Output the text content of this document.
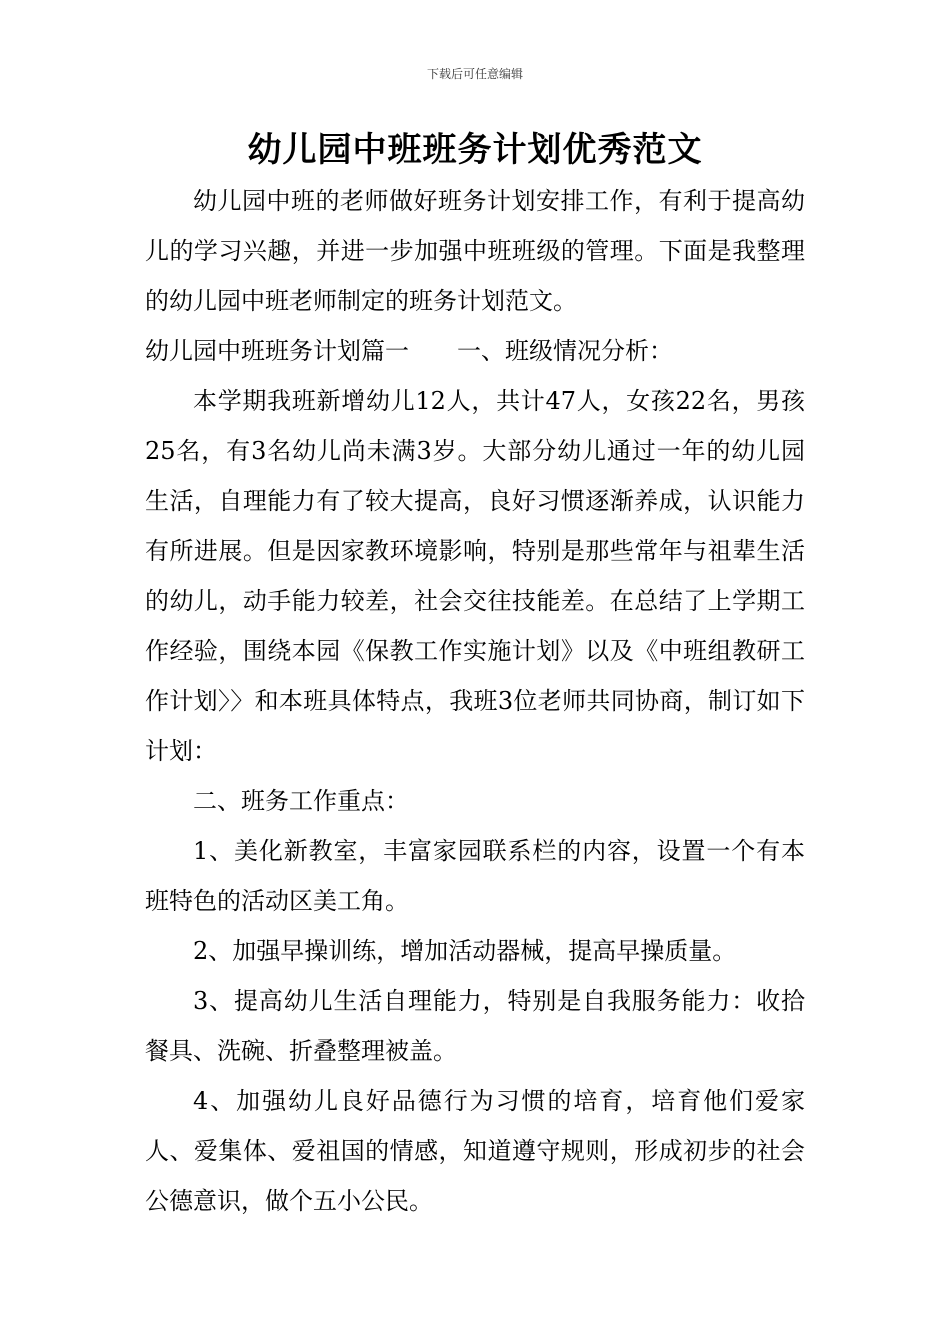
下载后可任意编辑
幼儿园中班班务计划优秀范文

幼儿园中班的老师做好班务计划安排工作，有利于提高幼儿的学习兴趣，并进一步加强中班班级的管理。下面是我整理的幼儿园中班老师制定的班务计划范文。

幼儿园中班班务计划篇一 一、班级情况分析：

本学期我班新增幼儿12人，共计47人，女孩22名，男孩25名，有3名幼儿尚未满3岁。大部分幼儿通过一年的幼儿园生活，自理能力有了较大提高，良好习惯逐渐养成，认识能力有所进展。但是因家教环境影响，特别是那些常年与祖辈生活的幼儿，动手能力较差，社会交往技能差。在总结了上学期工作经验，围绕本园《保教工作实施计划》以及《中班组教研工作计划〉〉和本班具体特点，我班3位老师共同协商，制订如下计划：

二、班务工作重点：

1、美化新教室，丰富家园联系栏的内容，设置一个有本班特色的活动区美工角。

2、加强早操训练，增加活动器械，提高早操质量。

3、提高幼儿生活自理能力，特别是自我服务能力：收拾餐具、洗碗、折叠整理被盖。

4、加强幼儿良好品德行为习惯的培育，培育他们爱家人、爱集体、爱祖国的情感，知道遵守规则，形成初步的社会公德意识，做个五小公民。
